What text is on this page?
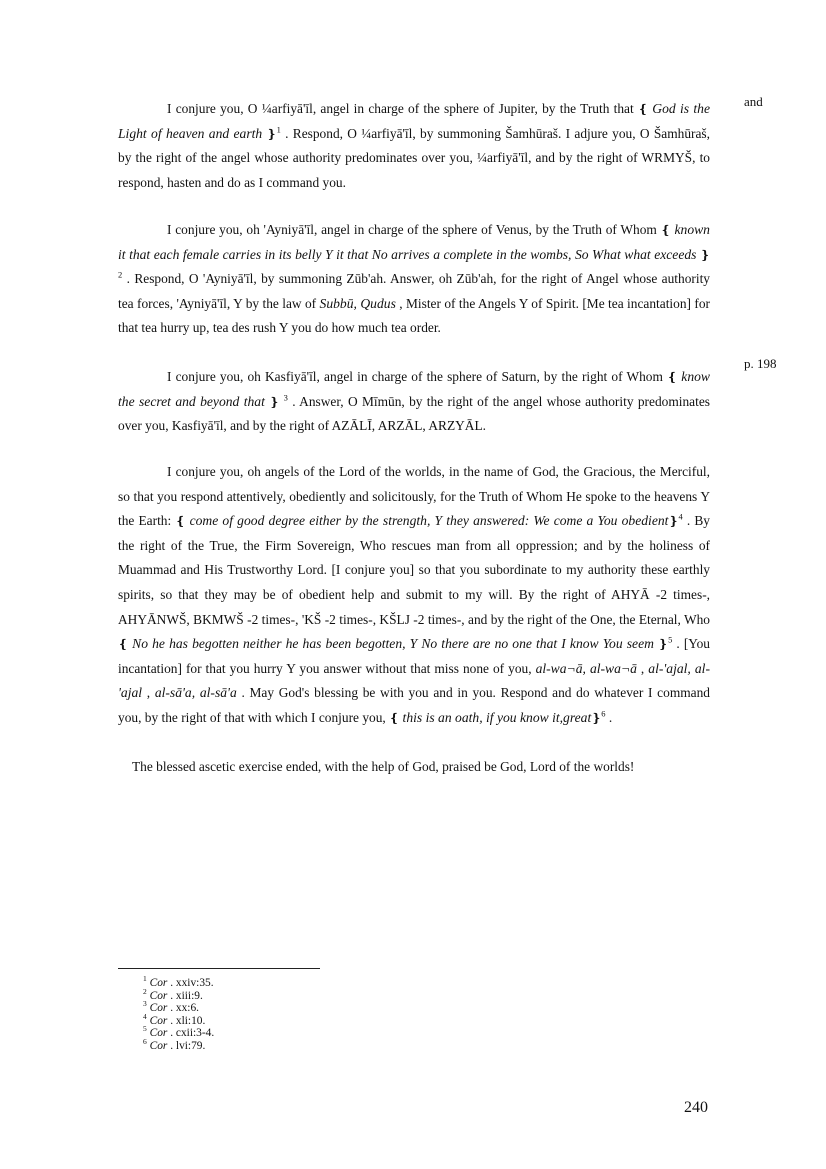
and
p. 198

I conjure you, O ¼arfiyā'īl, angel in charge of the sphere of Jupiter, by the Truth that ❴ God is the Light of heaven and earth ❵$^1$ . Respond, O ¼arfiyā'īl, by summoning Šamhūraš. I adjure you, O Šamhūraš, by the right of the angel whose authority predominates over you, ¼arfiyā'īl, and by the right of WRMYŠ, to respond, hasten and do as I command you.

I conjure you, oh 'Ayniyā'īl, angel in charge of the sphere of Venus, by the Truth of Whom ❴ known it that each female carries in its belly Y it that No arrives a complete in the wombs, So What what exceeds ❵$^2$ . Respond, O 'Ayniyā'īl, by summoning Zūb'ah. Answer, oh Zūb'ah, for the right of Angel whose authority tea forces, 'Ayniyā'īl, Y by the law of Subbū, Qudus , Mister of the Angels Y of Spirit. [Me tea incantation] for that tea hurry up, tea des rush Y you do how much tea order.

I conjure you, oh Kasfiyā'īl, angel in charge of the sphere of Saturn, by the right of Whom ❴ know the secret and beyond that ❵ $^3$ . Answer, O Mīmūn, by the right of the angel whose authority predominates over you, Kasfiyā'īl, and by the right of AZĀLĪ, ARZĀL, ARZYĀL.

I conjure you, oh angels of the Lord of the worlds, in the name of God, the Gracious, the Merciful, so that you respond attentively, obediently and solicitously, for the Truth of Whom He spoke to the heavens Y the Earth: ❴ come of good degree either by the strength, Y they answered: We come a You obedient❵$^4$ . By the right of the True, the Firm Sovereign, Who rescues man from all oppression; and by the holiness of Muammad and His Trustworthy Lord. [I conjure you] so that you subordinate to my authority these earthly spirits, so that they may be of obedient help and submit to my will. By the right of AHYĀ -2 times-, AHYĀNWŠ, BKMWŠ -2 times-, 'KŠ -2 times-, KŠLJ -2 times-, and by the right of the One, the Eternal, Who ❴ No he has begotten neither he has been begotten, Y No there are no one that I know You seem ❵$^5$ . [You incantation] for that you hurry Y you answer without that miss none of you, al-wa¬ā, al-wa¬ā , al-'ajal, al-'ajal , al-sā'a, al-sā'a . May God's blessing be with you and in you. Respond and do whatever I command you, by the right of that with which I conjure you, ❴ this is an oath, if you know it,great❵$^6$ .

The blessed ascetic exercise ended, with the help of God, praised be God, Lord of the worlds!

$^1$ Cor . xxiv:35.
$^2$ Cor . xiii:9.
$^3$ Cor . xx:6.
$^4$ Cor . xli:10.
$^5$ Cor . cxii:3-4.
$^6$ Cor . lvi:79.
240
